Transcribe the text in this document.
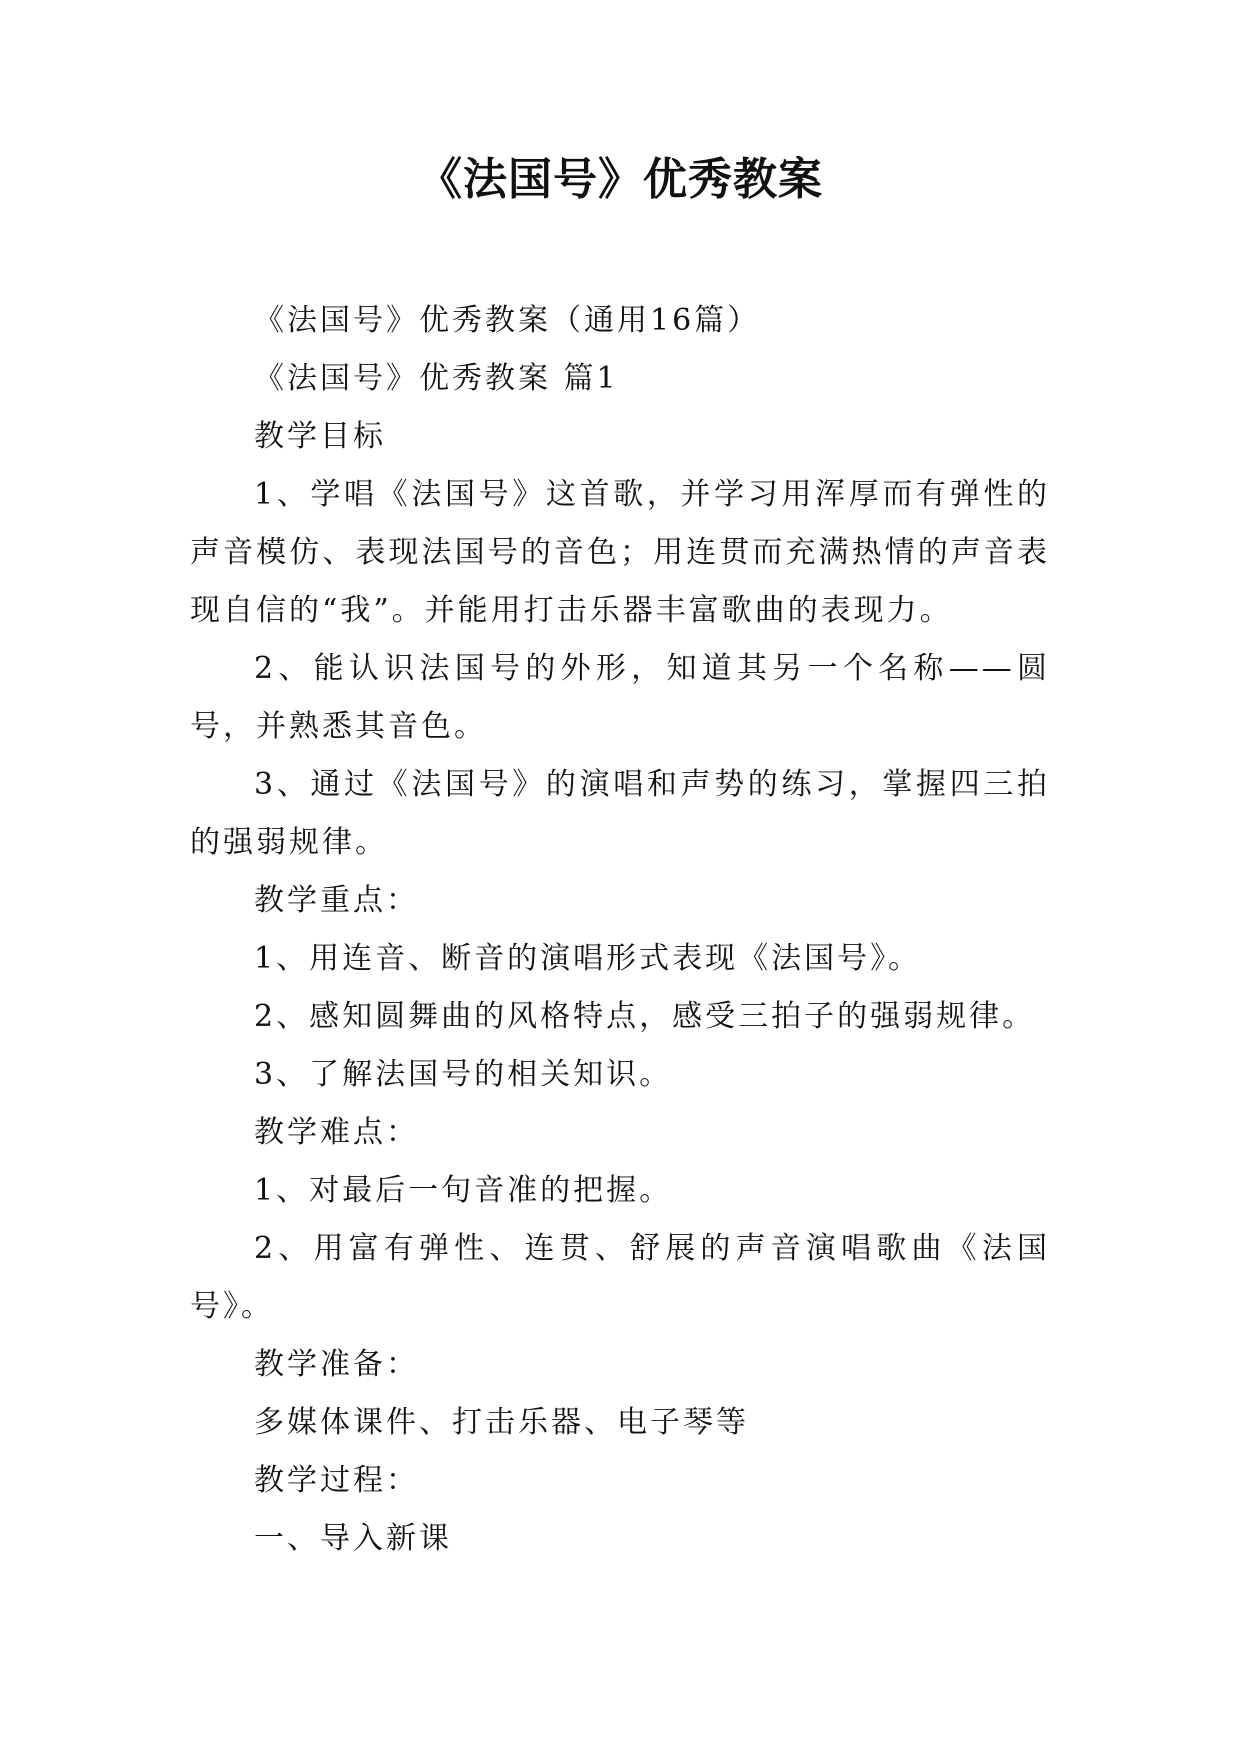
《法国号》优秀教案

《法国号》优秀教案（通用16篇）

《法国号》优秀教案 篇1

教学目标

1、学唱《法国号》这首歌，并学习用浑厚而有弹性的声音模仿、表现法国号的音色；用连贯而充满热情的声音表现自信的“我”。并能用打击乐器丰富歌曲的表现力。

2、能认识法国号的外形，知道其另一个名称——圆号，并熟悉其音色。

3、通过《法国号》的演唱和声势的练习，掌握四三拍的强弱规律。

教学重点：

1、用连音、断音的演唱形式表现《法国号》。

2、感知圆舞曲的风格特点，感受三拍子的强弱规律。

3、了解法国号的相关知识。

教学难点：

1、对最后一句音准的把握。

2、用富有弹性、连贯、舒展的声音演唱歌曲《法国号》。

教学准备：

多媒体课件、打击乐器、电子琴等

教学过程：

一、导入新课
